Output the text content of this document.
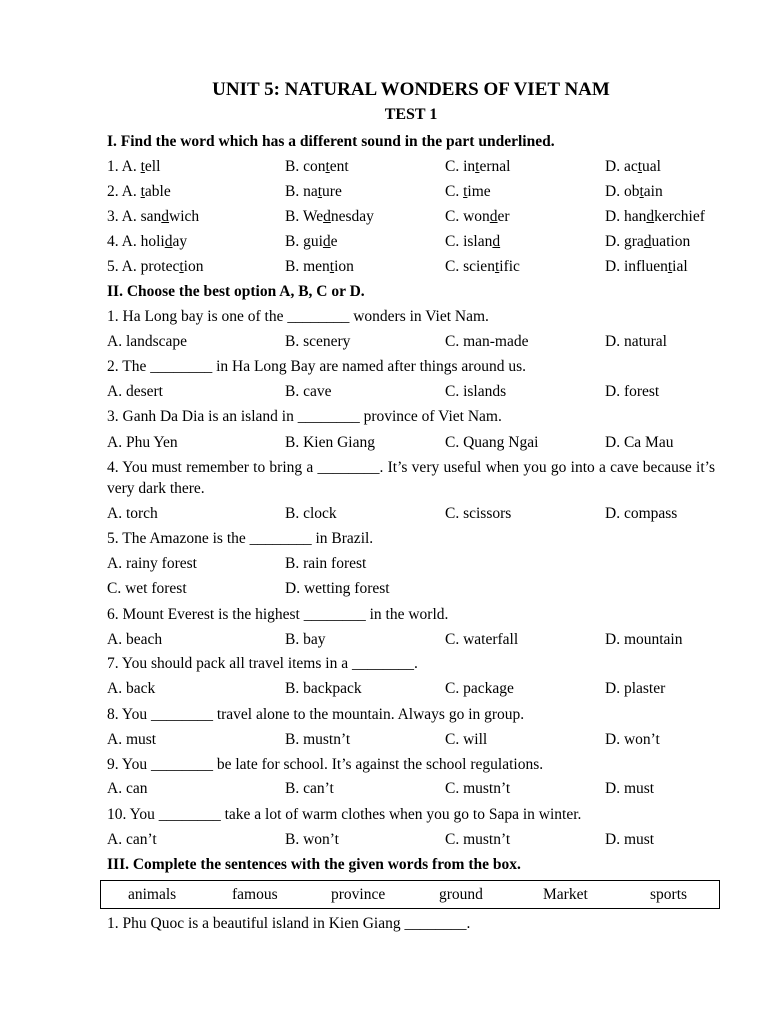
UNIT 5: NATURAL WONDERS OF VIET NAM
TEST 1
I. Find the word which has a different sound in the part underlined.
1. A. tell	B. content	C. internal	D. actual
2. A. table	B. nature	C. time	D. obtain
3. A. sandwich	B. Wednesday	C. wonder	D. handkerchief
4. A. holiday	B. guide	C. island	D. graduation
5. A. protection	B. mention	C. scientific	D. influential
II. Choose the best option A, B, C or D.
1. Ha Long bay is one of the ________ wonders in Viet Nam.
A. landscape	B. scenery	C. man-made	D. natural
2. The ________ in Ha Long Bay are named after things around us.
A. desert	B. cave	C. islands	D. forest
3. Ganh Da Dia is an island in ________ province of Viet Nam.
A. Phu Yen	B. Kien Giang	C. Quang Ngai	D. Ca Mau
4. You must remember to bring a ________. It’s very useful when you go into a cave because it’s very dark there.
A. torch	B. clock	C. scissors	D. compass
5. The Amazone is the ________ in Brazil.
A. rainy forest	B. rain forest
C. wet forest	D. wetting forest
6. Mount Everest is the highest ________ in the world.
A. beach	B. bay	C. waterfall	D. mountain
7. You should pack all travel items in a ________.
A. back	B. backpack	C. package	D. plaster
8. You ________ travel alone to the mountain. Always go in group.
A. must	B. mustn’t	C. will	D. won’t
9. You ________ be late for school. It’s against the school regulations.
A. can	B. can’t	C. mustn’t	D. must
10. You ________ take a lot of warm clothes when you go to Sapa in winter.
A. can’t	B. won’t	C. mustn’t	D. must
III. Complete the sentences with the given words from the box.
animals	famous	province	ground	Market	sports
1. Phu Quoc is a beautiful island in Kien Giang ________.
